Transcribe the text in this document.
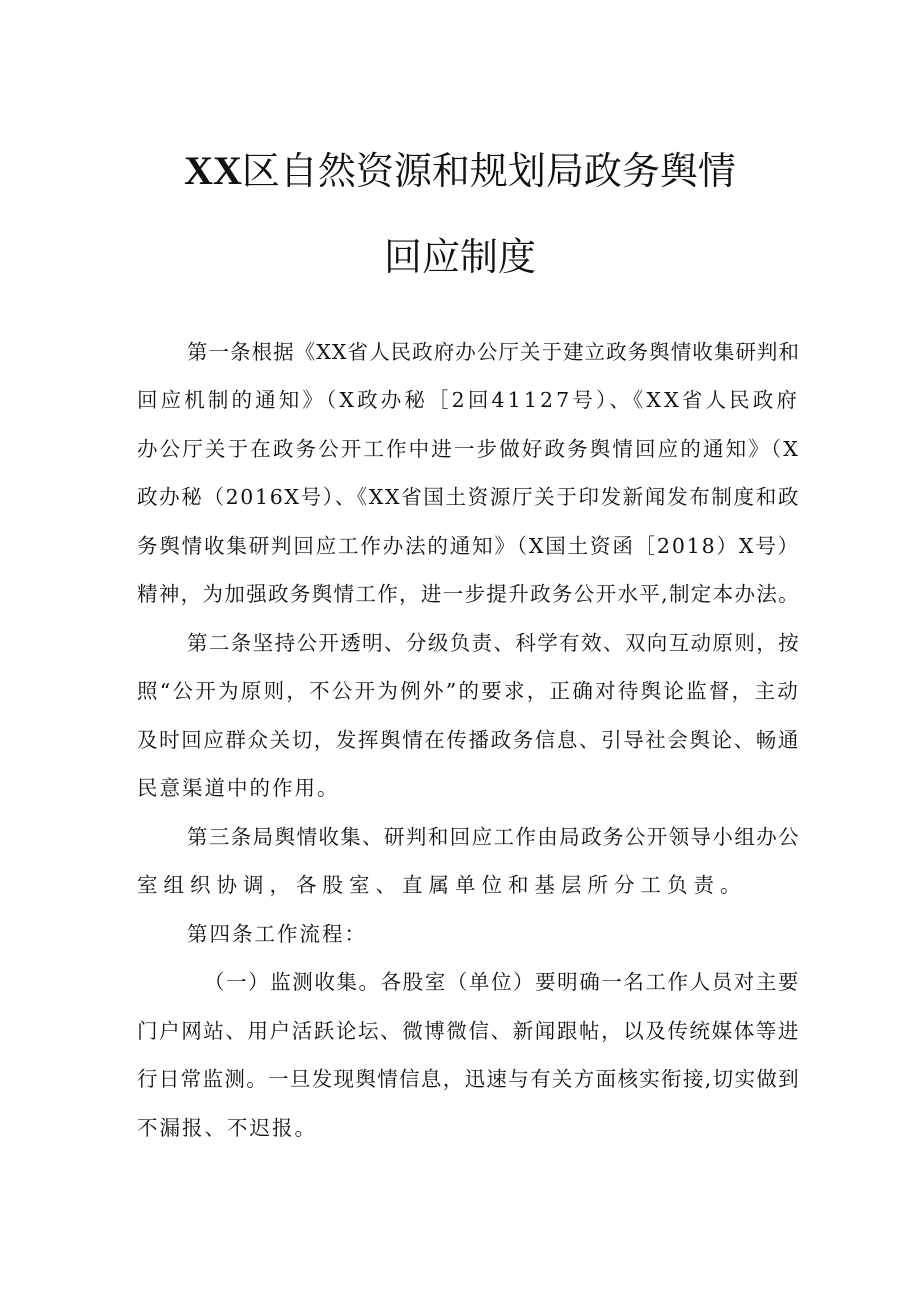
XX区自然资源和规划局政务舆情
回应制度
第一条根据《XX省人民政府办公厅关于建立政务舆情收集研判和
回应机制的通知》（X政办秘［2回41127号）、《XX省人民政府
办公厅关于在政务公开工作中进一步做好政务舆情回应的通知》（X
政办秘（2016X号）、《XX省国土资源厅关于印发新闻发布制度和政
务舆情收集研判回应工作办法的通知》（X国土资函［2018）X号）
精神，为加强政务舆情工作，进一步提升政务公开水平,制定本办法。
第二条坚持公开透明、分级负责、科学有效、双向互动原则，按
照“公开为原则，不公开为例外”的要求，正确对待舆论监督，主动
及时回应群众关切，发挥舆情在传播政务信息、引导社会舆论、畅通
民意渠道中的作用。
第三条局舆情收集、研判和回应工作由局政务公开领导小组办公
室组织协调，各股室、直属单位和基层所分工负责。
第四条工作流程：
（一）监测收集。各股室（单位）要明确一名工作人员对主要
门户网站、用户活跃论坛、微博微信、新闻跟帖，以及传统媒体等进
行日常监测。一旦发现舆情信息，迅速与有关方面核实衔接,切实做到
不漏报、不迟报。
